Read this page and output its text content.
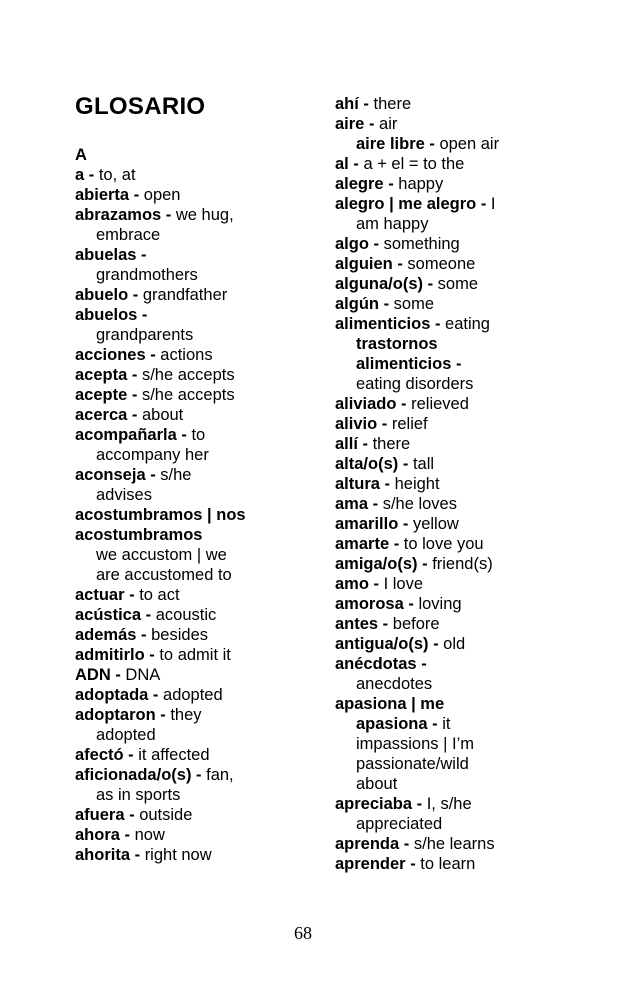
GLOSARIO
A
a - to, at
abierta - open
abrazamos - we hug,
embrace
abuelas -
grandmothers
abuelo - grandfather
abuelos -
grandparents
acciones - actions
acepta - s/he accepts
acepte - s/he accepts
acerca - about
acompañarla - to
accompany her
aconseja - s/he
advises
acostumbramos | nos
acostumbramos
we accustom | we
are accustomed to
actuar - to act
acústica - acoustic
además - besides
admitirlo - to admit it
ADN - DNA
adoptada - adopted
adoptaron - they
adopted
afectó - it affected
aficionada/o(s) - fan,
as in sports
afuera - outside
ahora - now
ahorita - right now
ahí - there
aire - air
aire libre - open air
al - a + el = to the
alegre - happy
alegro | me alegro - I
am happy
algo - something
alguien - someone
alguna/o(s) - some
algún - some
alimenticios - eating
trastornos
alimenticios -
eating disorders
aliviado - relieved
alivio - relief
allí - there
alta/o(s) - tall
altura - height
ama - s/he loves
amarillo - yellow
amarte - to love you
amiga/o(s) - friend(s)
amo - I love
amorosa - loving
antes - before
antigua/o(s) - old
anécdotas -
anecdotes
apasiona | me
apasiona - it
impassions | I’m
passionate/wild
about
apreciaba - I, s/he
appreciated
aprenda - s/he learns
aprender - to learn
68
